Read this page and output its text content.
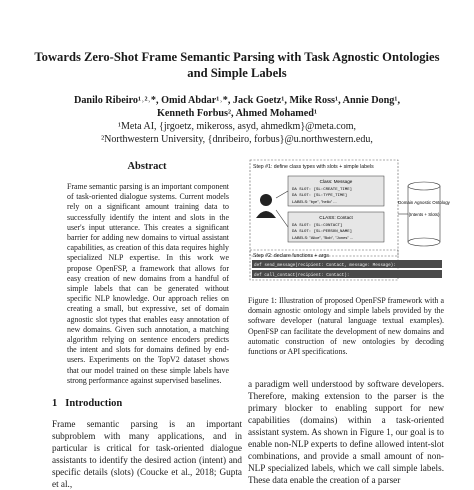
Towards Zero-Shot Frame Semantic Parsing with Task Agnostic Ontologies
and Simple Labels
Danilo Ribeiro¹˒²˒*, Omid Abdar¹˒*, Jack Goetz¹, Mike Ross¹, Annie Dong¹,
Kenneth Forbus², Ahmed Mohamed¹
¹Meta AI, {jrgoetz, mikeross, asyd, ahmedkm}@meta.com,
²Northwestern University, {dnribeiro, forbus}@u.northwestern.edu,
Abstract
Frame semantic parsing is an important component of task-oriented dialogue systems. Current models rely on a significant amount training data to successfully identify the intent and slots in the user's input utterance. This creates a significant barrier for adding new domains to virtual assistant capabilities, as creation of this data requires highly specialized NLP expertise. In this work we propose OpenFSP, a framework that allows for easy creation of new domains from a handful of simple labels that can be generated without specific NLP knowledge. Our approach relies on creating a small, but expressive, set of domain agnostic slot types that enables easy annotation of new domains. Given such annotation, a matching algorithm relying on sentence encoders predicts the intent and slots for domains defined by end-users. Experiments on the TopV2 dataset shows that our model trained on these simple labels have strong performance against supervised baselines.
1 Introduction
Frame semantic parsing is an important subproblem with many applications, and in particular is critical for task-oriented dialogue assistants to identify the desired action (intent) and specific details (slots) (Coucke et al., 2018; Gupta et al.,
Step #1: define class types with slots + simple labels
Class: Message
DA SLOT: [SL:CREATE_TIME]
DA SLOT: [SL:TYPE_TIME]
LABELS: "bye", "hello" ...
CLASS: Contact
DA SLOT: [SL:CONTACT]
DA SLOT: [SL:PERSON_NAME]
LABELS: "Alice", "Bob", "Jones" ...
Domain Agnostic Ontology
(Intents + Slots)
Step #2: declare functions + args
def send_message(recipient: Contact, message: Message):
def call_contact(recipient: Contact):
Figure 1: Illustration of proposed OpenFSP framework with a domain agnostic ontology and simple labels provided by the software developer (natural language textual examples). OpenFSP can facilitate the development of new domains and automatic construction of new ontologies by decoding functions or API specifications.
a paradigm well understood by software developers. Therefore, making extension to the parser is the primary blocker to enabling support for new capabilities (domains) within a task-oriented assistant system. As shown in Figure 1, our goal is to enable non-NLP experts to define allowed intent-slot combinations, and provide a small amount of non-NLP specialized labels, which we call simple labels. These data enable the creation of a parser
